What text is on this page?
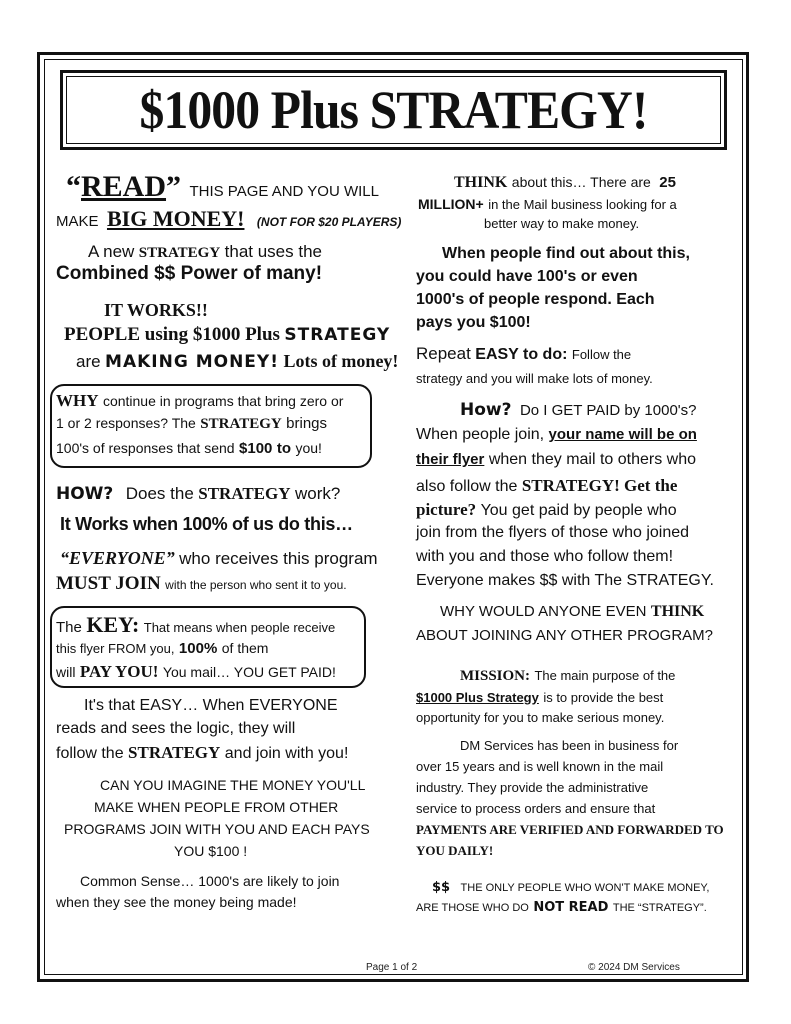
$1000 Plus STRATEGY!
“READ” THIS PAGE AND YOU WILL
MAKE BIG MONEY! (NOT FOR $20 PLAYERS)
A new STRATEGY that uses the
Combined $$ Power of many!
IT WORKS!!
PEOPLE using $1000 Plus STRATEGY
are MAKING MONEY! Lots of money!
WHY continue in programs that bring zero or
1 or 2 responses? The STRATEGY brings
100's of responses that send $100 to you!
HOW? Does the STRATEGY work?
It Works when 100% of us do this…
“EVERYONE” who receives this program
MUST JOIN with the person who sent it to you.
The KEY: That means when people receive
this flyer FROM you, 100% of them
will PAY YOU! You mail… YOU GET PAID!
It's that EASY… When EVERYONE
reads and sees the logic, they will
follow the STRATEGY and join with you!
CAN YOU IMAGINE THE MONEY YOU'LL
MAKE WHEN PEOPLE FROM OTHER
PROGRAMS JOIN WITH YOU AND EACH PAYS
YOU $100 !
Common Sense… 1000's are likely to join
when they see the money being made!
THINK about this… There are 25
MILLION+ in the Mail business looking for a
better way to make money.
When people find out about this,
you could have 100's or even
1000's of people respond. Each
pays you $100!
Repeat EASY to do: Follow the
strategy and you will make lots of money.
How? Do I GET PAID by 1000's?
When people join, your name will be on
their flyer when they mail to others who
also follow the STRATEGY! Get the
picture? You get paid by people who
join from the flyers of those who joined
with you and those who follow them!
Everyone makes $$ with The STRATEGY.
WHY WOULD ANYONE EVEN THINK
ABOUT JOINING ANY OTHER PROGRAM?
MISSION: The main purpose of the
$1000 Plus Strategy is to provide the best
opportunity for you to make serious money.
DM Services has been in business for
over 15 years and is well known in the mail
industry. They provide the administrative
service to process orders and ensure that
PAYMENTS ARE VERIFIED AND FORWARDED TO
YOU DAILY!
$$ THE ONLY PEOPLE WHO WON'T MAKE MONEY,
ARE THOSE WHO DO NOT READ THE “STRATEGY”.
Page 1 of 2	© 2024 DM Services
